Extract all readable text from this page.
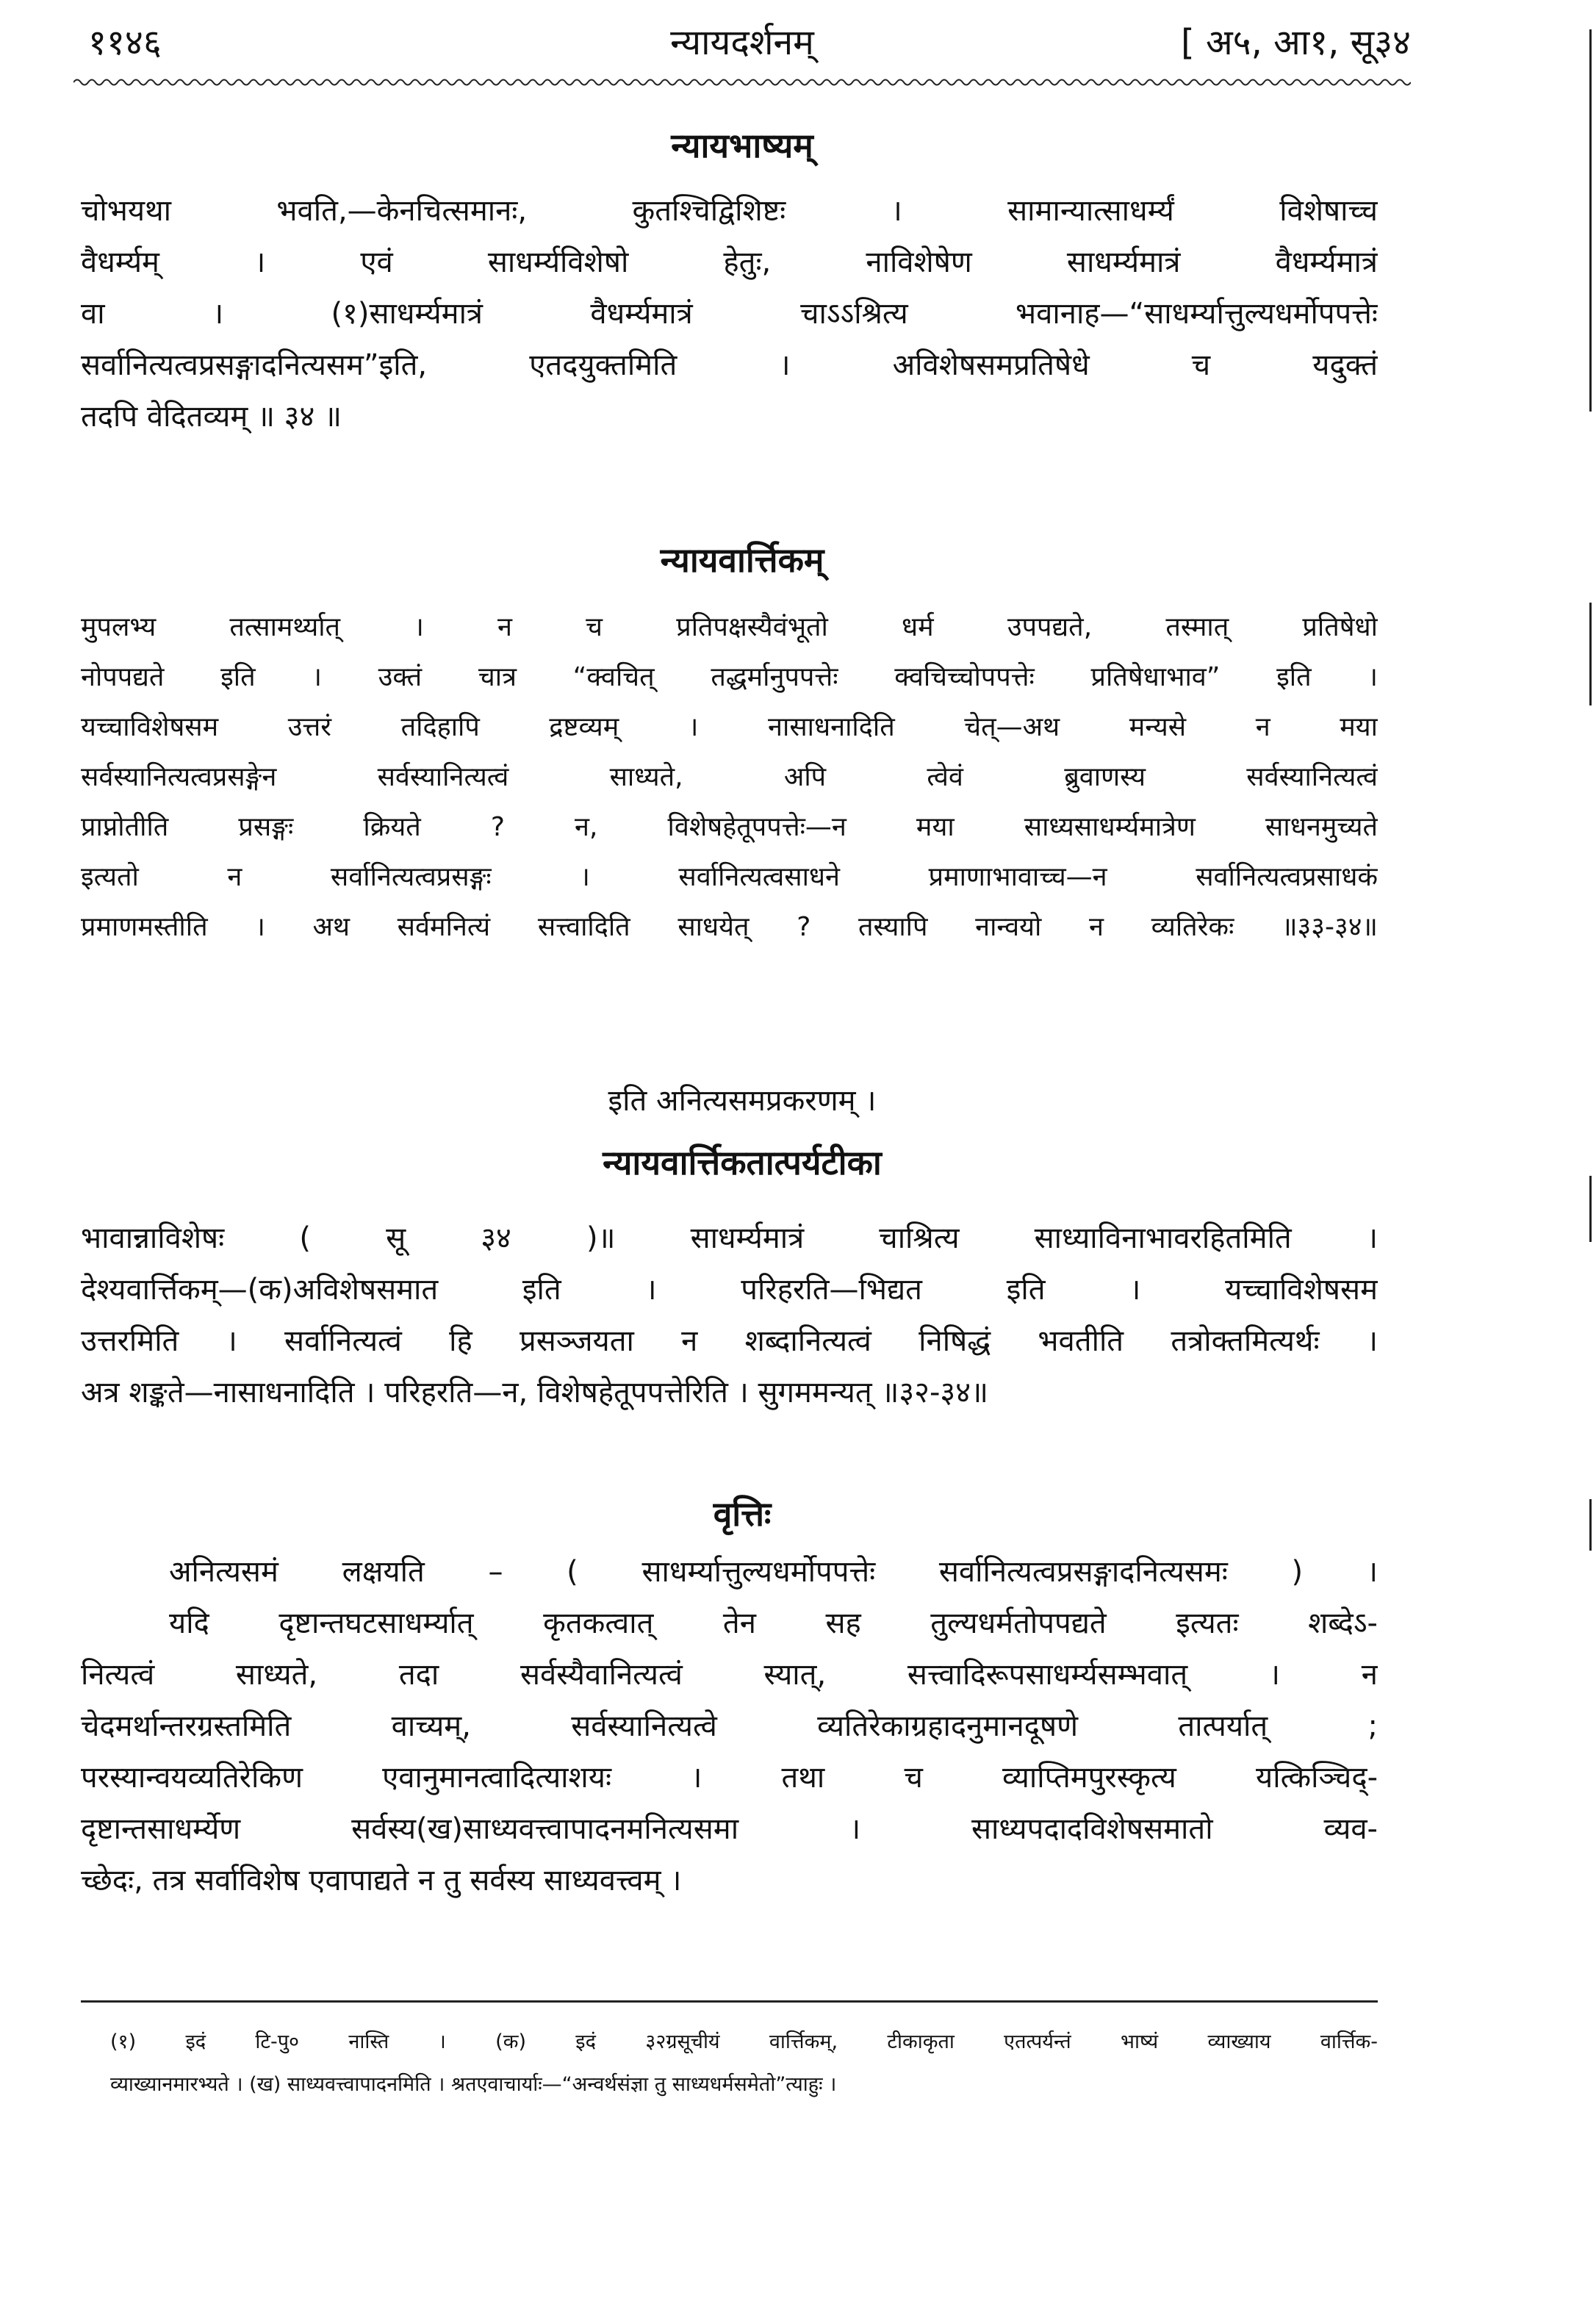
११४६	न्यायदर्शनम्	[ अ५, आ१, सू३४
न्यायभाष्यम्
चोभयथा भवति,—केनचित्समानः, कुतश्चिद्विशिष्टः । सामान्यात्साधर्म्यं विशेषाच्च
वैधर्म्यम् । एवं साधर्म्यविशेषो हेतुः, नाविशेषेण साधर्म्यमात्रं वैधर्म्यमात्रं
वा । (१)साधर्म्यमात्रं वैधर्म्यमात्रं चाऽऽश्रित्य भवानाह—“साधर्म्यात्तुल्यधर्मोपपत्तेः
सर्वानित्यत्वप्रसङ्गादनित्यसम”इति, एतदयुक्तमिति । अविशेषसमप्रतिषेधे च यदुक्तं
तदपि वेदितव्यम् ॥ ३४ ॥
न्यायवार्त्तिकम्
मुपलभ्य तत्सामर्थ्यात् । न च प्रतिपक्षस्यैवंभूतो धर्म उपपद्यते, तस्मात् प्रतिषेधो
नोपपद्यते इति । उक्तं चात्र “क्वचित् तद्धर्मानुपपत्तेः क्वचिच्चोपपत्तेः प्रतिषेधाभाव” इति ।
यच्चाविशेषसम उत्तरं तदिहापि द्रष्टव्यम् । नासाधनादिति चेत्—अथ मन्यसे न मया
सर्वस्यानित्यत्वप्रसङ्गेन सर्वस्यानित्यत्वं साध्यते, अपि त्वेवं ब्रुवाणस्य सर्वस्यानित्यत्वं
प्राप्नोतीति प्रसङ्गः क्रियते ? न, विशेषहेतूपपत्तेः—न मया साध्यसाधर्म्यमात्रेण साधनमुच्यते
इत्यतो न सर्वानित्यत्वप्रसङ्गः । सर्वानित्यत्वसाधने प्रमाणाभावाच्च—न सर्वानित्यत्वप्रसाधकं
प्रमाणमस्तीति । अथ सर्वमनित्यं सत्त्वादिति साधयेत् ? तस्यापि नान्वयो न व्यतिरेकः ॥३३-३४॥
इति अनित्यसमप्रकरणम् ।
न्यायवार्त्तिकतात्पर्यटीका
भावान्नाविशेषः ( सू ३४ )॥ साधर्म्यमात्रं चाश्रित्य साध्याविनाभावरहितमिति ।
देश्यवार्त्तिकम्—(क)अविशेषसमात इति । परिहरति—भिद्यत इति । यच्चाविशेषसम
उत्तरमिति । सर्वानित्यत्वं हि प्रसञ्जयता न शब्दानित्यत्वं निषिद्धं भवतीति तत्रोक्तमित्यर्थः ।
अत्र शङ्कते—नासाधनादिति । परिहरति—न, विशेषहेतूपपत्तेरिति । सुगममन्यत् ॥३२-३४॥
वृत्तिः
अनित्यसमं लक्षयति – ( साधर्म्यात्तुल्यधर्मोपपत्तेः सर्वानित्यत्वप्रसङ्गादनित्यसमः ) ।
यदि दृष्टान्तघटसाधर्म्यात् कृतकत्वात् तेन सह तुल्यधर्मतोपपद्यते इत्यतः शब्देऽ-
नित्यत्वं साध्यते, तदा सर्वस्यैवानित्यत्वं स्यात्, सत्त्वादिरूपसाधर्म्यसम्भवात् । न
चेदमर्थान्तरग्रस्तमिति वाच्यम्, सर्वस्यानित्यत्वे व्यतिरेकाग्रहादनुमानदूषणे तात्पर्यात् ;
परस्यान्वयव्यतिरेकिण एवानुमानत्वादित्याशयः । तथा च व्याप्तिमपुरस्कृत्य यत्किञ्चिद्-
दृष्टान्तसाधर्म्येण सर्वस्य(ख)साध्यवत्त्वापादनमनित्यसमा । साध्यपदादविशेषसमातो व्यव-
च्छेदः, तत्र सर्वाविशेष एवापाद्यते न तु सर्वस्य साध्यवत्त्वम् ।
(१) इदं टि-पु० नास्ति । (क) इदं ३२ग्रसूचीयं वार्त्तिकम्, टीकाकृता एतत्पर्यन्तं भाष्यं व्याख्याय वार्त्तिक-
व्याख्यानमारभ्यते । (ख) साध्यवत्त्वापादनमिति । श्रतएवाचार्याः—“अन्वर्थसंज्ञा तु साध्यधर्मसमेतो”त्याहुः ।
